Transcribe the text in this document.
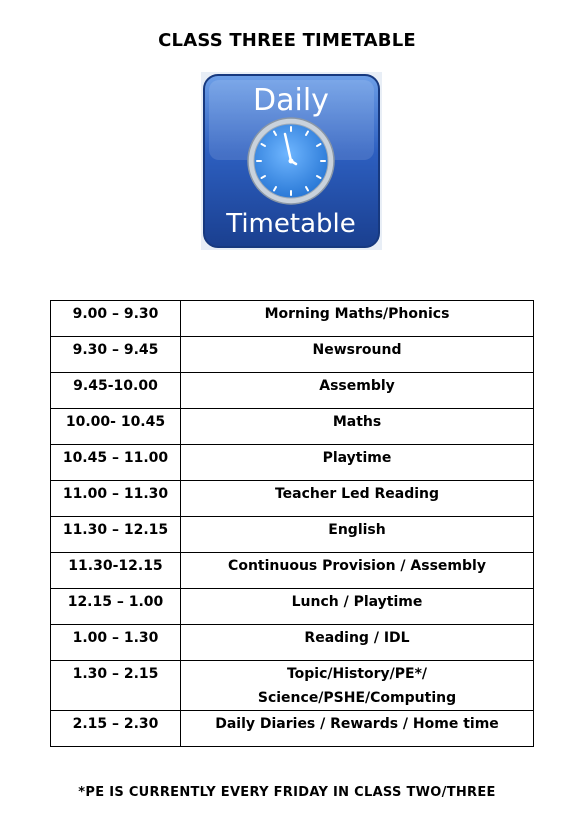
CLASS THREE TIMETABLE
Daily
Timetable
9.00 – 9.30	Morning Maths/Phonics

9.30 – 9.45	Newsround

9.45-10.00	Assembly

10.00- 10.45	Maths

10.45 – 11.00	Playtime

11.00 – 11.30	Teacher Led Reading

11.30 – 12.15	English

11.30-12.15	Continuous Provision / Assembly

12.15 – 1.00	Lunch / Playtime

1.00 – 1.30	Reading / IDL

1.30 – 2.15	Topic/History/PE*/
Science/PSHE/Computing

2.15 – 2.30	Daily Diaries / Rewards / Home time
*PE IS CURRENTLY EVERY FRIDAY IN CLASS TWO/THREE
